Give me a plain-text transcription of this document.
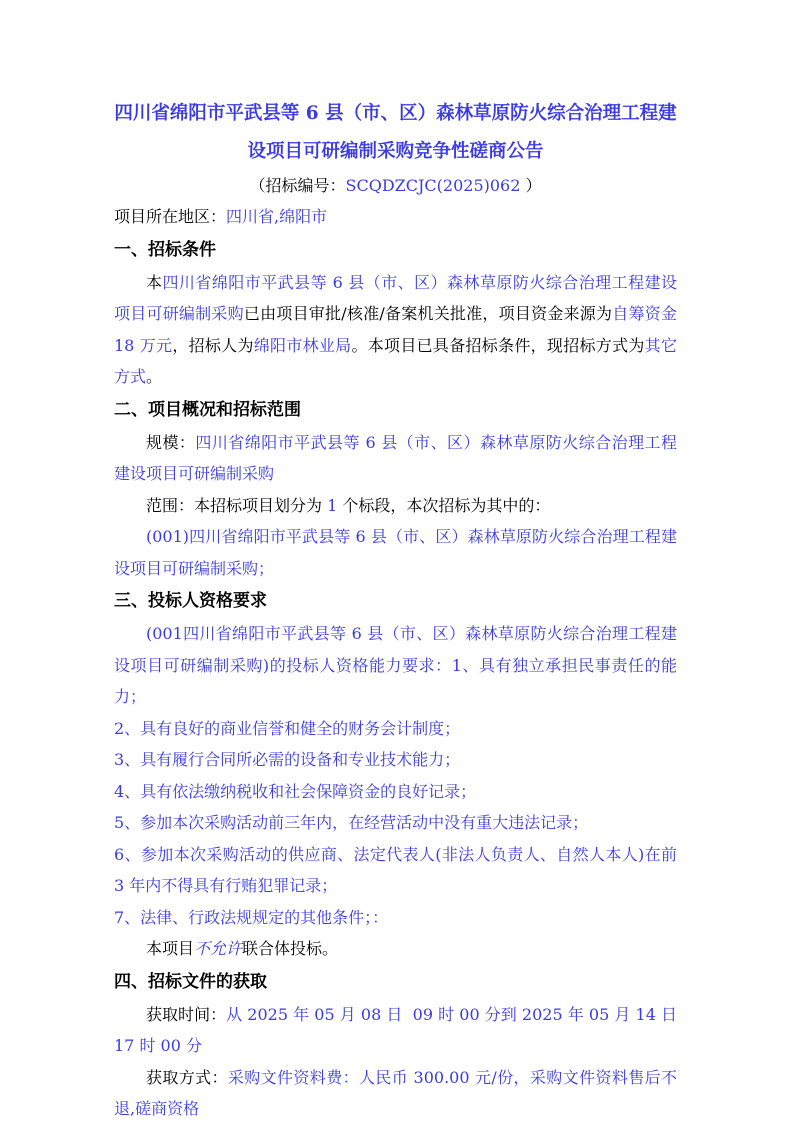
四川省绵阳市平武县等 6 县（市、区）森林草原防火综合治理工程建设项目可研编制采购竞争性磋商公告

（招标编号：SCQDZCJC(2025)062 ）

项目所在地区：四川省,绵阳市

一、招标条件

本四川省绵阳市平武县等 6 县（市、区）森林草原防火综合治理工程建设项目可研编制采购已由项目审批/核准/备案机关批准，项目资金来源为自筹资金 18 万元，招标人为绵阳市林业局。本项目已具备招标条件，现招标方式为其它方式。

二、项目概况和招标范围

规模：四川省绵阳市平武县等 6 县（市、区）森林草原防火综合治理工程建设项目可研编制采购

范围：本招标项目划分为 1 个标段，本次招标为其中的：

(001)四川省绵阳市平武县等 6 县（市、区）森林草原防火综合治理工程建设项目可研编制采购；

三、投标人资格要求

(001四川省绵阳市平武县等 6 县（市、区）森林草原防火综合治理工程建设项目可研编制采购)的投标人资格能力要求：1、具有独立承担民事责任的能力；

2、具有良好的商业信誉和健全的财务会计制度；

3、具有履行合同所必需的设备和专业技术能力；

4、具有依法缴纳税收和社会保障资金的良好记录；

5、参加本次采购活动前三年内，在经营活动中没有重大违法记录；

6、参加本次采购活动的供应商、法定代表人(非法人负责人、自然人本人)在前 3 年内不得具有行贿犯罪记录；

7、法律、行政法规规定的其他条件；：

本项目不允许联合体投标。

四、招标文件的获取

获取时间：从 2025 年 05 月 08 日  09 时 00 分到 2025 年 05 月 14 日  17 时 00 分

获取方式：采购文件资料费：人民币 300.00 元/份，采购文件资料售后不退,磋商资格
